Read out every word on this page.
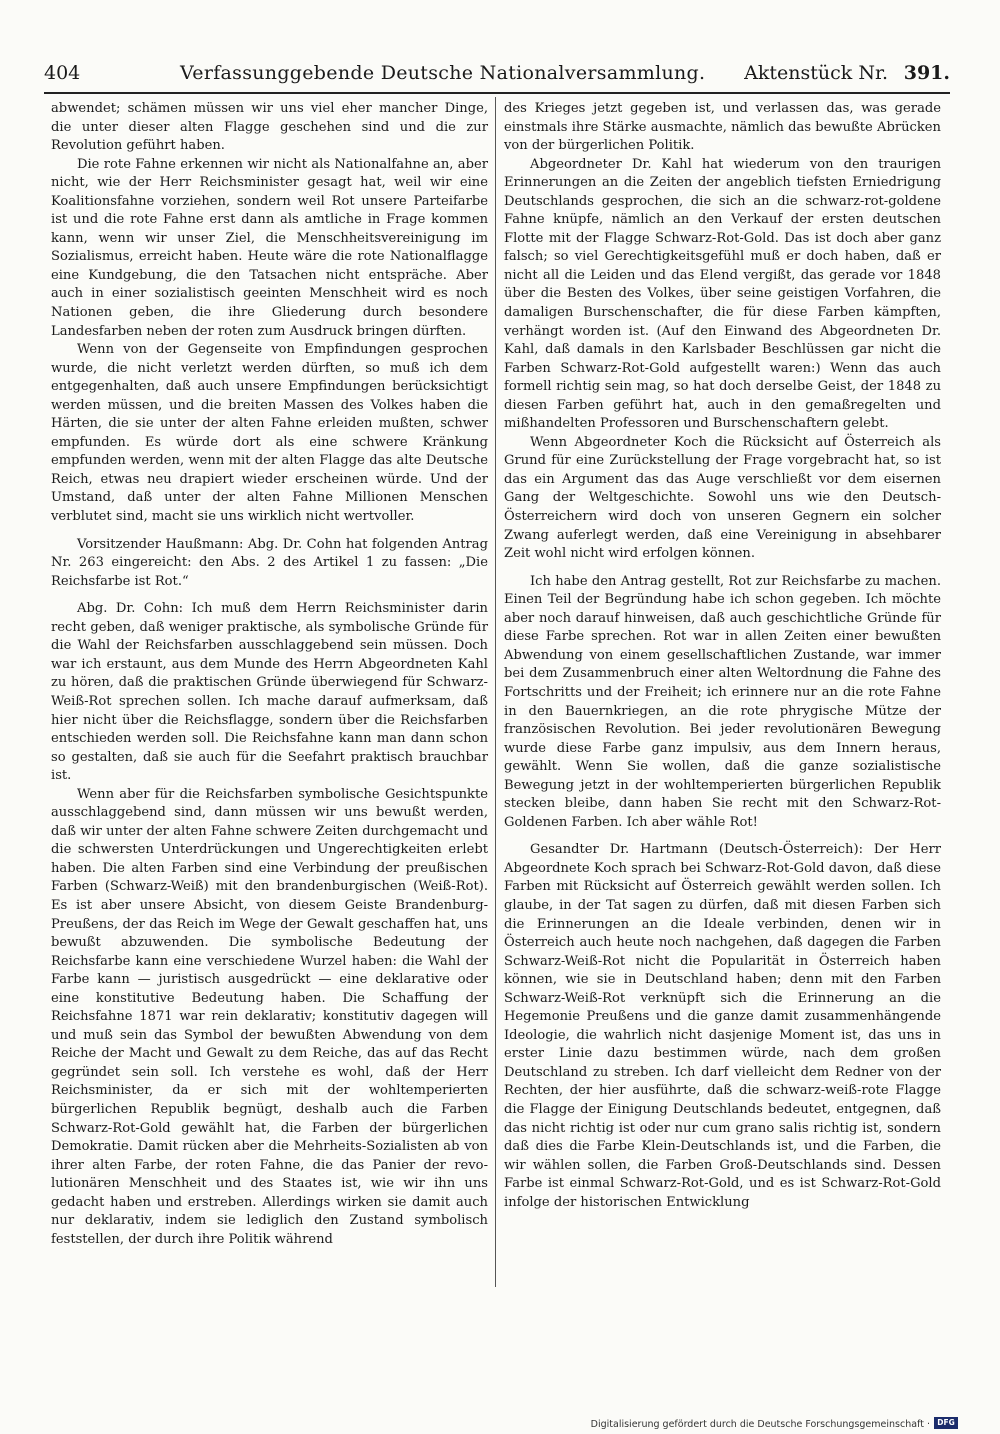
404	Verfassunggebende Deutsche Nationalversammlung. Aktenstück Nr. 391.

abwendet; schämen müssen wir uns viel eher mancher Dinge, die unter dieser alten Flagge geschehen sind und die zur Revolution geführt haben.

Die rote Fahne erkennen wir nicht als Nationalfahne an, aber nicht, wie der Herr Reichsminister gesagt hat, weil wir eine Koalitionsfahne vorziehen, sondern weil Rot unsere Parteifarbe ist und die rote Fahne erst dann als amtliche in Frage kommen kann, wenn wir unser Ziel, die Menschheitsvereinigung im Sozialismus, erreicht haben. Heute wäre die rote Nationalflagge eine Kundgebung, die den Tatsachen nicht entspräche. Aber auch in einer sozialistisch geeinten Menschheit wird es noch Nationen geben, die ihre Gliederung durch besondere Landesfarben neben der roten zum Ausdruck bringen dürften.

Wenn von der Gegenseite von Empfindungen gesprochen wurde, die nicht verletzt werden dürften, so muß ich dem entgegenhalten, daß auch unsere Empfindungen berücksichtigt werden müssen, und die breiten Massen des Volkes haben die Härten, die sie unter der alten Fahne erleiden mußten, schwer empfunden. Es würde dort als eine schwere Kränkung empfunden werden, wenn mit der alten Flagge das alte Deutsche Reich, etwas neu drapiert wieder erscheinen würde. Und der Umstand, daß unter der alten Fahne Millionen Menschen verblutet sind, macht sie uns wirklich nicht wertvoller.

Vorsitzender Haußmann: Abg. Dr. Cohn hat folgenden Antrag Nr. 263 eingereicht: den Abs. 2 des Artikel 1 zu fassen: „Die Reichsfarbe ist Rot.“

Abg. Dr. Cohn: Ich muß dem Herrn Reichsminister darin recht geben, daß weniger praktische, als symbolische Gründe für die Wahl der Reichsfarben ausschlaggebend sein müssen. Doch war ich erstaunt, aus dem Munde des Herrn Abgeordneten Kahl zu hören, daß die praktischen Gründe überwiegend für Schwarz-Weiß-Rot sprechen sollen. Ich mache darauf aufmerksam, daß hier nicht über die Reichsflagge, sondern über die Reichsfarben entschieden werden soll. Die Reichsfahne kann man dann schon so gestalten, daß sie auch für die Seefahrt praktisch brauchbar ist.

Wenn aber für die Reichsfarben symbolische Gesichtspunkte ausschlaggebend sind, dann müssen wir uns bewußt werden, daß wir unter der alten Fahne schwere Zeiten durchgemacht und die schwersten Unterdrückungen und Ungerechtigkeiten erlebt haben. Die alten Farben sind eine Verbindung der preußischen Farben (Schwarz-Weiß) mit den brandenburgischen (Weiß-Rot). Es ist aber unsere Absicht, von diesem Geiste Brandenburg-Preußens, der das Reich im Wege der Gewalt geschaffen hat, uns bewußt abzuwenden. Die symbolische Bedeutung der Reichsfarbe kann eine verschiedene Wurzel haben: die Wahl der Farbe kann — juristisch ausgedrückt — eine deklarative oder eine konstitutive Bedeutung haben. Die Schaffung der Reichsfahne 1871 war rein deklarativ; konstitutiv dagegen will und muß sein das Symbol der bewußten Abwendung von dem Reiche der Macht und Gewalt zu dem Reiche, das auf das Recht gegründet sein soll. Ich verstehe es wohl, daß der Herr Reichsminister, da er sich mit der wohltemperierten bürgerlichen Republik begnügt, deshalb auch die Farben Schwarz-Rot-Gold gewählt hat, die Farben der bürgerlichen Demokratie. Damit rücken aber die Mehrheits-Sozialisten ab von ihrer alten Farbe, der roten Fahne, die das Panier der revolutionären Menschheit und des Staates ist, wie wir ihn uns gedacht haben und erstreben. Allerdings wirken sie damit auch nur deklarativ, indem sie lediglich den Zustand symbolisch feststellen, der durch ihre Politik während

des Krieges jetzt gegeben ist, und verlassen das, was gerade einstmals ihre Stärke ausmachte, nämlich das bewußte Abrücken von der bürgerlichen Politik.

Abgeordneter Dr. Kahl hat wiederum von den traurigen Erinnerungen an die Zeiten der angeblich tiefsten Erniedrigung Deutschlands gesprochen, die sich an die schwarz-rot-goldene Fahne knüpfe, nämlich an den Verkauf der ersten deutschen Flotte mit der Flagge Schwarz-Rot-Gold. Das ist doch aber ganz falsch; so viel Gerechtigkeitsgefühl muß er doch haben, daß er nicht all die Leiden und das Elend vergißt, das gerade vor 1848 über die Besten des Volkes, über seine geistigen Vorfahren, die damaligen Burschenschafter, die für diese Farben kämpften, verhängt worden ist. (Auf den Einwand des Abgeordneten Dr. Kahl, daß damals in den Karlsbader Beschlüssen gar nicht die Farben Schwarz-Rot-Gold aufgestellt waren:) Wenn das auch formell richtig sein mag, so hat doch derselbe Geist, der 1848 zu diesen Farben geführt hat, auch in den gemaßregelten und mißhandelten Professoren und Burschenschaftern gelebt.

Wenn Abgeordneter Koch die Rücksicht auf Österreich als Grund für eine Zurückstellung der Frage vorgebracht hat, so ist das ein Argument das das Auge verschließt vor dem eisernen Gang der Weltgeschichte. Sowohl uns wie den Deutsch-Österreichern wird doch von unseren Gegnern ein solcher Zwang auferlegt werden, daß eine Vereinigung in absehbarer Zeit wohl nicht wird erfolgen können.

Ich habe den Antrag gestellt, Rot zur Reichsfarbe zu machen. Einen Teil der Begründung habe ich schon gegeben. Ich möchte aber noch darauf hinweisen, daß auch geschichtliche Gründe für diese Farbe sprechen. Rot war in allen Zeiten einer bewußten Abwendung von einem gesellschaftlichen Zustande, war immer bei dem Zusammenbruch einer alten Weltordnung die Fahne des Fortschritts und der Freiheit; ich erinnere nur an die rote Fahne in den Bauernkriegen, an die rote phrygische Mütze der französischen Revolution. Bei jeder revolutionären Bewegung wurde diese Farbe ganz impulsiv, aus dem Innern heraus, gewählt. Wenn Sie wollen, daß die ganze sozialistische Bewegung jetzt in der wohltemperierten bürgerlichen Republik stecken bleibe, dann haben Sie recht mit den Schwarz-Rot-Goldenen Farben. Ich aber wähle Rot!

Gesandter Dr. Hartmann (Deutsch-Österreich): Der Herr Abgeordnete Koch sprach bei Schwarz-Rot-Gold davon, daß diese Farben mit Rücksicht auf Österreich gewählt werden sollen. Ich glaube, in der Tat sagen zu dürfen, daß mit diesen Farben sich die Erinnerungen an die Ideale verbinden, denen wir in Österreich auch heute noch nachgehen, daß dagegen die Farben Schwarz-Weiß-Rot nicht die Popularität in Österreich haben können, wie sie in Deutschland haben; denn mit den Farben Schwarz-Weiß-Rot verknüpft sich die Erinnerung an die Hegemonie Preußens und die ganze damit zusammenhängende Ideologie, die wahrlich nicht dasjenige Moment ist, das uns in erster Linie dazu bestimmen würde, nach dem großen Deutschland zu streben. Ich darf vielleicht dem Redner von der Rechten, der hier ausführte, daß die schwarz-weiß-rote Flagge die Flagge der Einigung Deutschlands bedeutet, entgegnen, daß das nicht richtig ist oder nur cum grano salis richtig ist, sondern daß dies die Farbe Klein-Deutschlands ist, und die Farben, die wir wählen sollen, die Farben Groß-Deutschlands sind. Dessen Farbe ist einmal Schwarz-Rot-Gold, und es ist Schwarz-Rot-Gold infolge der historischen Entwicklung

Digitalisierung gefördert durch die Deutsche Forschungsgemeinschaft · DFG
